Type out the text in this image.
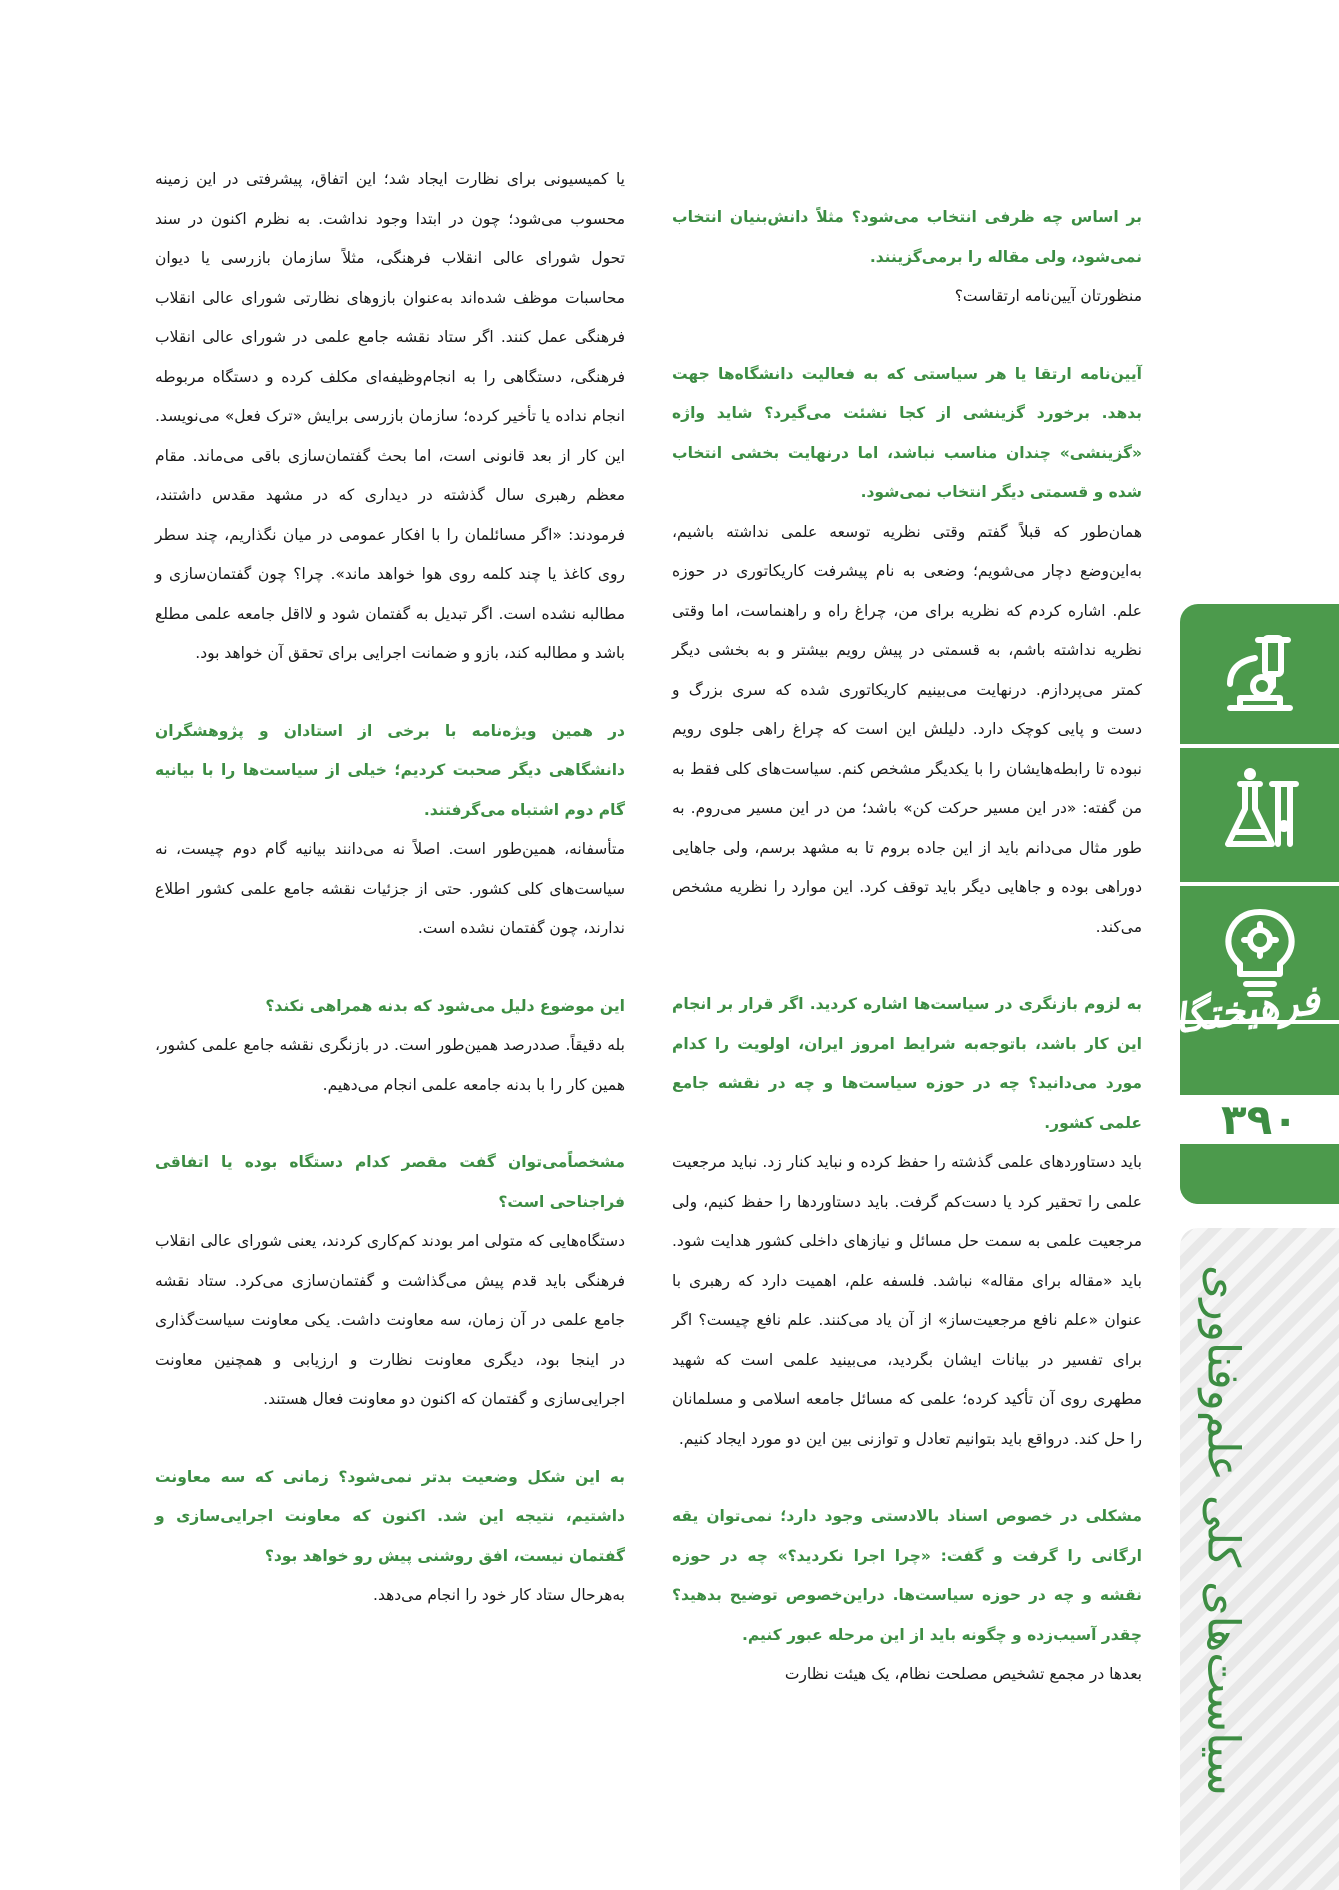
بر اساس چه ظرفی انتخاب می‌شود؟ مثلاً دانش‌بنیان انتخاب نمی‌شود، ولی مقاله را برمی‌گزینند.

منظورتان آیین‌نامه ارتقاست؟

آیین‌نامه ارتقا یا هر سیاستی که به فعالیت دانشگاه‌ها جهت بدهد. برخورد گزینشی از کجا نشئت می‌گیرد؟ شاید واژه «گزینشی» چندان مناسب نباشد، اما درنهایت بخشی انتخاب شده و قسمتی دیگر انتخاب نمی‌شود.

همان‌طور که قبلاً گفتم وقتی نظریه توسعه علمی نداشته باشیم، به‌این‌وضع دچار می‌شویم؛ وضعی به نام پیشرفت کاریکاتوری در حوزه علم. اشاره کردم که نظریه برای من، چراغ راه و راهنماست، اما وقتی نظریه نداشته باشم، به قسمتی در پیش رویم بیشتر و به بخشی دیگر کمتر می‌پردازم. درنهایت می‌بینیم کاریکاتوری شده که سری بزرگ و دست و پایی کوچک دارد. دلیلش این است که چراغ راهی جلوی رویم نبوده تا رابطه‌هایشان را با یکدیگر مشخص کنم. سیاست‌های کلی فقط به من گفته: «در این مسیر حرکت کن» باشد؛ من در این مسیر می‌روم. به طور مثال می‌دانم باید از این جاده بروم تا به مشهد برسم، ولی جاهایی دوراهی بوده و جاهایی دیگر باید توقف کرد. این موارد را نظریه مشخص می‌کند.

به لزوم بازنگری در سیاست‌ها اشاره کردید. اگر قرار بر انجام این کار باشد، باتوجه‌به شرایط امروز ایران، اولویت را کدام مورد می‌دانید؟ چه در حوزه سیاست‌ها و چه در نقشه جامع علمی کشور.

باید دستاوردهای علمی گذشته را حفظ کرده و نباید کنار زد. نباید مرجعیت علمی را تحقیر کرد یا دست‌کم گرفت. باید دستاوردها را حفظ کنیم، ولی مرجعیت علمی به سمت حل مسائل و نیازهای داخلی کشور هدایت شود. باید «مقاله برای مقاله» نباشد. فلسفه علم، اهمیت دارد که رهبری با عنوان «علم نافع مرجعیت‌ساز» از آن یاد می‌کنند. علم نافع چیست؟ اگر برای تفسیر در بیانات ایشان بگردید، می‌بینید علمی است که شهید مطهری روی آن تأکید کرده؛ علمی که مسائل جامعه اسلامی و مسلمانان را حل کند. درواقع باید بتوانیم تعادل و توازنی بین این دو مورد ایجاد کنیم.

مشکلی در خصوص اسناد بالادستی وجود دارد؛ نمی‌توان یقه ارگانی را گرفت و گفت: «چرا اجرا نکردید؟» چه در حوزه نقشه و چه در حوزه سیاست‌ها. دراین‌خصوص توضیح بدهید؟ چقدر آسیب‌زده و چگونه باید از این مرحله عبور کنیم.

بعدها در مجمع تشخیص مصلحت نظام، یک هیئت نظارت

یا کمیسیونی برای نظارت ایجاد شد؛ این اتفاق، پیشرفتی در این زمینه محسوب می‌شود؛ چون در ابتدا وجود نداشت. به نظرم اکنون در سند تحول شورای عالی انقلاب فرهنگی، مثلاً سازمان بازرسی یا دیوان محاسبات موظف شده‌اند به‌عنوان بازوهای نظارتی شورای عالی انقلاب فرهنگی عمل کنند. اگر ستاد نقشه جامع علمی در شورای عالی انقلاب فرهنگی، دستگاهی را به انجام‌وظیفه‌ای مکلف کرده و دستگاه مربوطه انجام نداده یا تأخیر کرده؛ سازمان بازرسی برایش «ترک فعل» می‌نویسد. این کار از بعد قانونی است، اما بحث گفتمان‌سازی باقی می‌ماند. مقام معظم رهبری سال گذشته در دیداری که در مشهد مقدس داشتند، فرمودند: «اگر مسائلمان را با افکار عمومی در میان نگذاریم، چند سطر روی کاغذ یا چند کلمه روی هوا خواهد ماند». چرا؟ چون گفتمان‌سازی و مطالبه نشده است. اگر تبدیل به گفتمان شود و لااقل جامعه علمی مطلع باشد و مطالبه کند، بازو و ضمانت اجرایی برای تحقق آن خواهد بود.

در همین ویژه‌نامه با برخی از استادان و پژوهشگران دانشگاهی دیگر صحبت کردیم؛ خیلی از سیاست‌ها را با بیانیه گام دوم اشتباه می‌گرفتند.

متأسفانه، همین‌طور است. اصلاً نه می‌دانند بیانیه گام دوم چیست، نه سیاست‌های کلی کشور. حتی از جزئیات نقشه جامع علمی کشور اطلاع ندارند، چون گفتمان نشده است.

این موضوع دلیل می‌شود که بدنه همراهی نکند؟

بله دقیقاً. صددرصد همین‌طور است. در بازنگری نقشه جامع علمی کشور، همین کار را با بدنه جامعه علمی انجام می‌دهیم.

مشخصاًمی‌توان گفت مقصر کدام دستگاه بوده یا اتفاقی فراجناحی است؟

دستگاه‌هایی که متولی امر بودند کم‌کاری کردند، یعنی شورای عالی انقلاب فرهنگی باید قدم پیش می‌گذاشت و گفتمان‌سازی می‌کرد. ستاد نقشه جامع علمی در آن زمان، سه معاونت داشت. یکی معاونت سیاست‌گذاری در اینجا بود، دیگری معاونت نظارت و ارزیابی و همچنین معاونت اجرایی‌سازی و گفتمان که اکنون دو معاونت فعال هستند.

به این شکل وضعیت بدتر نمی‌شود؟ زمانی که سه معاونت داشتیم، نتیجه این شد. اکنون که معاونت اجرایی‌سازی و گفتمان نیست، افق روشنی پیش رو خواهد بود؟

به‌هرحال ستاد کار خود را انجام می‌دهد.

فرهیختگان
۳۹۰
سیاست‌های کلی علم‌و‌فناوری
